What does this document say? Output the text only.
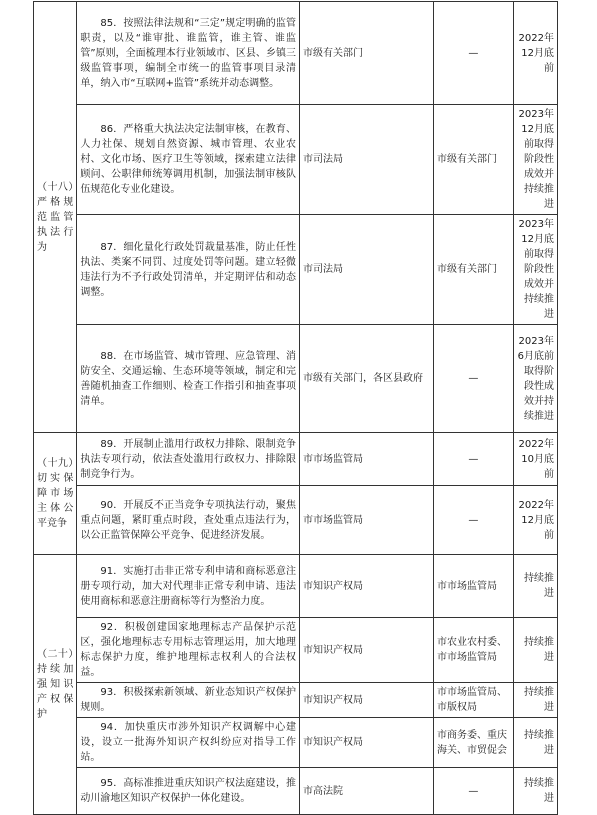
（十八）严格规范监管执法行为	85．按照法律法规和“三定”规定明确的监管职责，以及“谁审批、谁监管，谁主管、谁监管”原则，全面梳理本行业领域市、区县、乡镇三级监管事项，编制全市统一的监管事项目录清单，纳入市“互联网+监管”系统并动态调整。	市级有关部门	—	2022年12月底前
	86．严格重大执法决定法制审核，在教育、人力社保、规划自然资源、城市管理、农业农村、文化市场、医疗卫生等领域，探索建立法律顾问、公职律师统筹调用机制，加强法制审核队伍规范化专业化建设。	市司法局	市级有关部门	2023年12月底前取得阶段性成效并持续推进
	87．细化量化行政处罚裁量基准，防止任性执法、类案不同罚、过度处罚等问题。建立轻微违法行为不予行政处罚清单，并定期评估和动态调整。	市司法局	市级有关部门	2023年12月底前取得阶段性成效并持续推进
	88．在市场监管、城市管理、应急管理、消防安全、交通运输、生态环境等领域，制定和完善随机抽查工作细则、检查工作指引和抽查事项清单。	市级有关部门，各区县政府	—	2023年6月底前取得阶段性成效并持续推进
（十九）切实保障市场主体公平竞争	89．开展制止滥用行政权力排除、限制竞争执法专项行动，依法查处滥用行政权力、排除限制竞争行为。	市市场监管局	—	2022年10月底前
	90．开展反不正当竞争专项执法行动，聚焦重点问题，紧盯重点时段，查处重点违法行为，以公正监管保障公平竞争、促进经济发展。	市市场监管局	—	2022年12月底前
（二十）持续加强知识产权保护	91．实施打击非正常专利申请和商标恶意注册专项行动，加大对代理非正常专利申请、违法使用商标和恶意注册商标等行为整治力度。	市知识产权局	市市场监管局	持续推进
	92．积极创建国家地理标志产品保护示范区，强化地理标志专用标志管理运用，加大地理标志保护力度，维护地理标志权利人的合法权益。	市知识产权局	市农业农村委、市市场监管局	持续推进
	93．积极探索新领域、新业态知识产权保护规则。	市知识产权局	市市场监管局、市版权局	持续推进
	94．加快重庆市涉外知识产权调解中心建设，设立一批海外知识产权纠纷应对指导工作站。	市知识产权局	市商务委、重庆海关、市贸促会	持续推进
	95．高标准推进重庆知识产权法庭建设，推动川渝地区知识产权保护一体化建设。	市高法院	—	持续推进
